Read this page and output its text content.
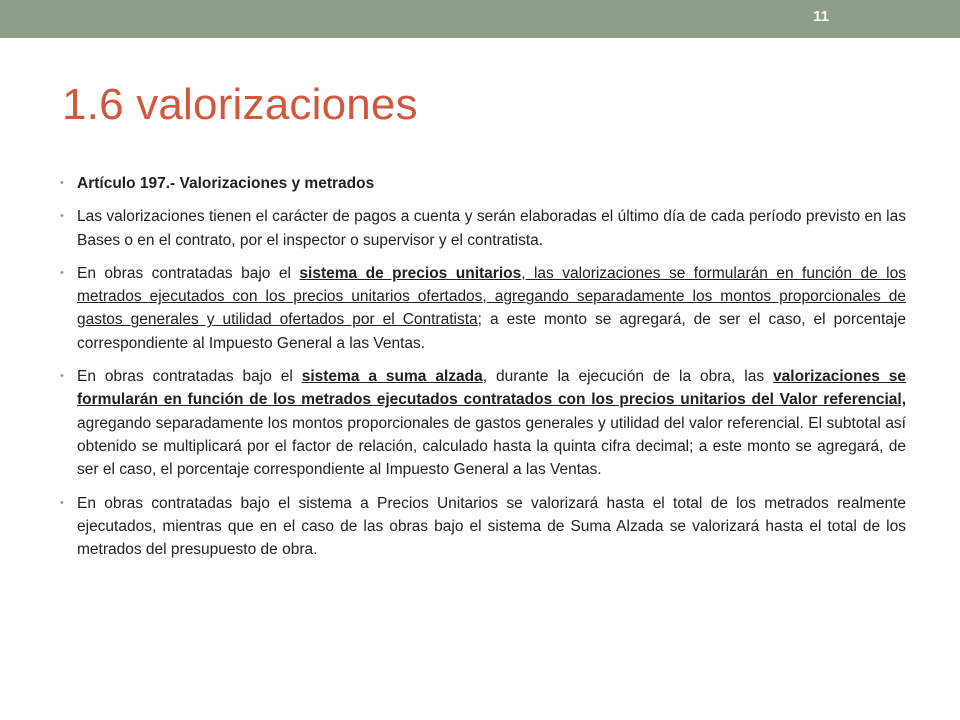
11
1.6 valorizaciones
• Artículo 197.- Valorizaciones y metrados
• Las valorizaciones tienen el carácter de pagos a cuenta y serán elaboradas el último día de cada período previsto en las Bases o en el contrato, por el inspector o supervisor y el contratista.
• En obras contratadas bajo el sistema de precios unitarios, las valorizaciones se formularán en función de los metrados ejecutados con los precios unitarios ofertados, agregando separadamente los montos proporcionales de gastos generales y utilidad ofertados por el Contratista; a este monto se agregará, de ser el caso, el porcentaje correspondiente al Impuesto General a las Ventas.
• En obras contratadas bajo el sistema a suma alzada, durante la ejecución de la obra, las valorizaciones se formularán en función de los metrados ejecutados contratados con los precios unitarios del Valor referencial, agregando separadamente los montos proporcionales de gastos generales y utilidad del valor referencial. El subtotal así obtenido se multiplicará por el factor de relación, calculado hasta la quinta cifra decimal; a este monto se agregará, de ser el caso, el porcentaje correspondiente al Impuesto General a las Ventas.
• En obras contratadas bajo el sistema a Precios Unitarios se valorizará hasta el total de los metrados realmente ejecutados, mientras que en el caso de las obras bajo el sistema de Suma Alzada se valorizará hasta el total de los metrados del presupuesto de obra.
